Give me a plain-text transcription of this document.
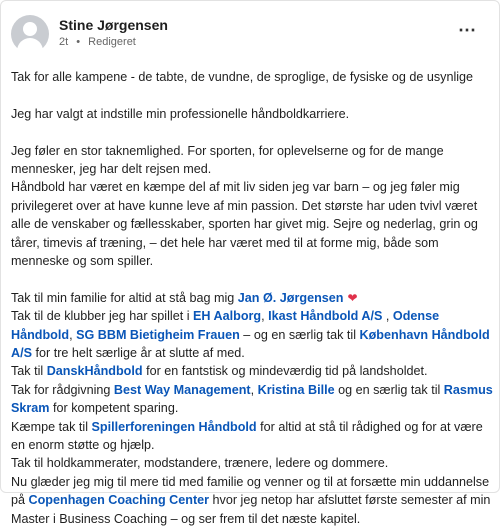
Stine Jørgensen
2t • Redigeret
⋯

Tak for alle kampene - de tabte, de vundne, de sproglige, de fysiske og de usynlige

Jeg har valgt at indstille min professionelle håndboldkarriere.

Jeg føler en stor taknemlighed. For sporten, for oplevelserne og for de mange mennesker, jeg har delt rejsen med.

Håndbold har været en kæmpe del af mit liv siden jeg var barn – og jeg føler mig privilegeret over at have kunne leve af min passion. Det største har uden tvivl været alle de venskaber og fællesskaber, sporten har givet mig. Sejre og nederlag, grin og tårer, timevis af træning, – det hele har været med til at forme mig, både som menneske og som spiller.

Tak til min familie for altid at stå bag mig Jan Ø. Jørgensen ❤

Tak til de klubber jeg har spillet i EH Aalborg, Ikast Håndbold A/S , Odense Håndbold, SG BBM Bietigheim Frauen – og en særlig tak til København Håndbold A/S for tre helt særlige år at slutte af med.

Tak til DanskHåndbold for en fantstisk og mindeværdig tid på landsholdet.

Tak for rådgivning Best Way Management, Kristina Bille og en særlig tak til Rasmus Skram for kompetent sparing.

Kæmpe tak til Spillerforeningen Håndbold for altid at stå til rådighed og for at være en enorm støtte og hjælp.

Tak til holdkammerater, modstandere, trænere, ledere og dommere.

Nu glæder jeg mig til mere tid med familie og venner og til at forsætte min uddannelse på Copenhagen Coaching Center hvor jeg netop har afsluttet første semester af min Master i Business Coaching – og ser frem til det næste kapitel.
